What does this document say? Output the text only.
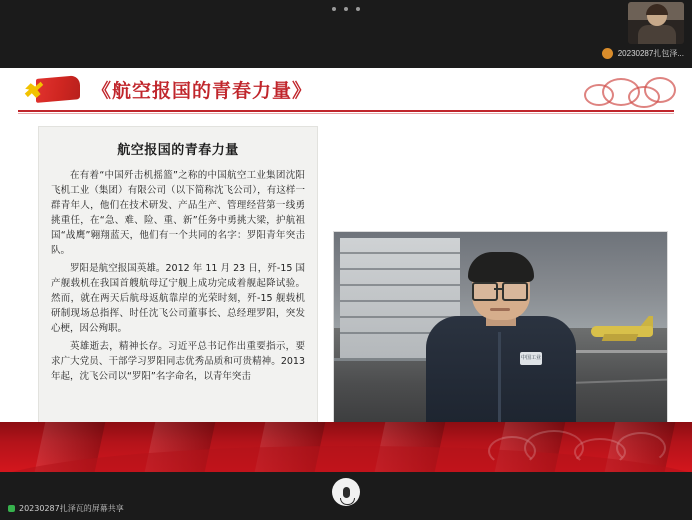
20230287扎包泽...
《航空报国的青春力量》
航空报国的青春力量

在有着“中国歼击机摇篮”之称的中国航空工业集团沈阳飞机工业（集团）有限公司（以下简称沈飞公司），有这样一群青年人，他们在技术研发、产品生产、管理经营第一线勇挑重任，在“急、难、险、重、新”任务中勇挑大梁，护航祖国“战鹰”翱翔蓝天，他们有一个共同的名字：罗阳青年突击队。

罗阳是航空报国英雄。2012 年 11 月 23 日，歼-15 国产舰载机在我国首艘航母辽宁舰上成功完成着舰起降试验。然而，就在两天后航母返航靠岸的光荣时刻，歼-15 舰载机研制现场总指挥、时任沈飞公司董事长、总经理罗阳，突发心梗，因公殉职。

英雄逝去，精神长存。习近平总书记作出重要指示，要求广大党员、干部学习罗阳同志优秀品质和可贵精神。2013 年起，沈飞公司以“罗阳”名字命名，以青年突击

中国工业
20230287扎泽瓦的屏幕共享
